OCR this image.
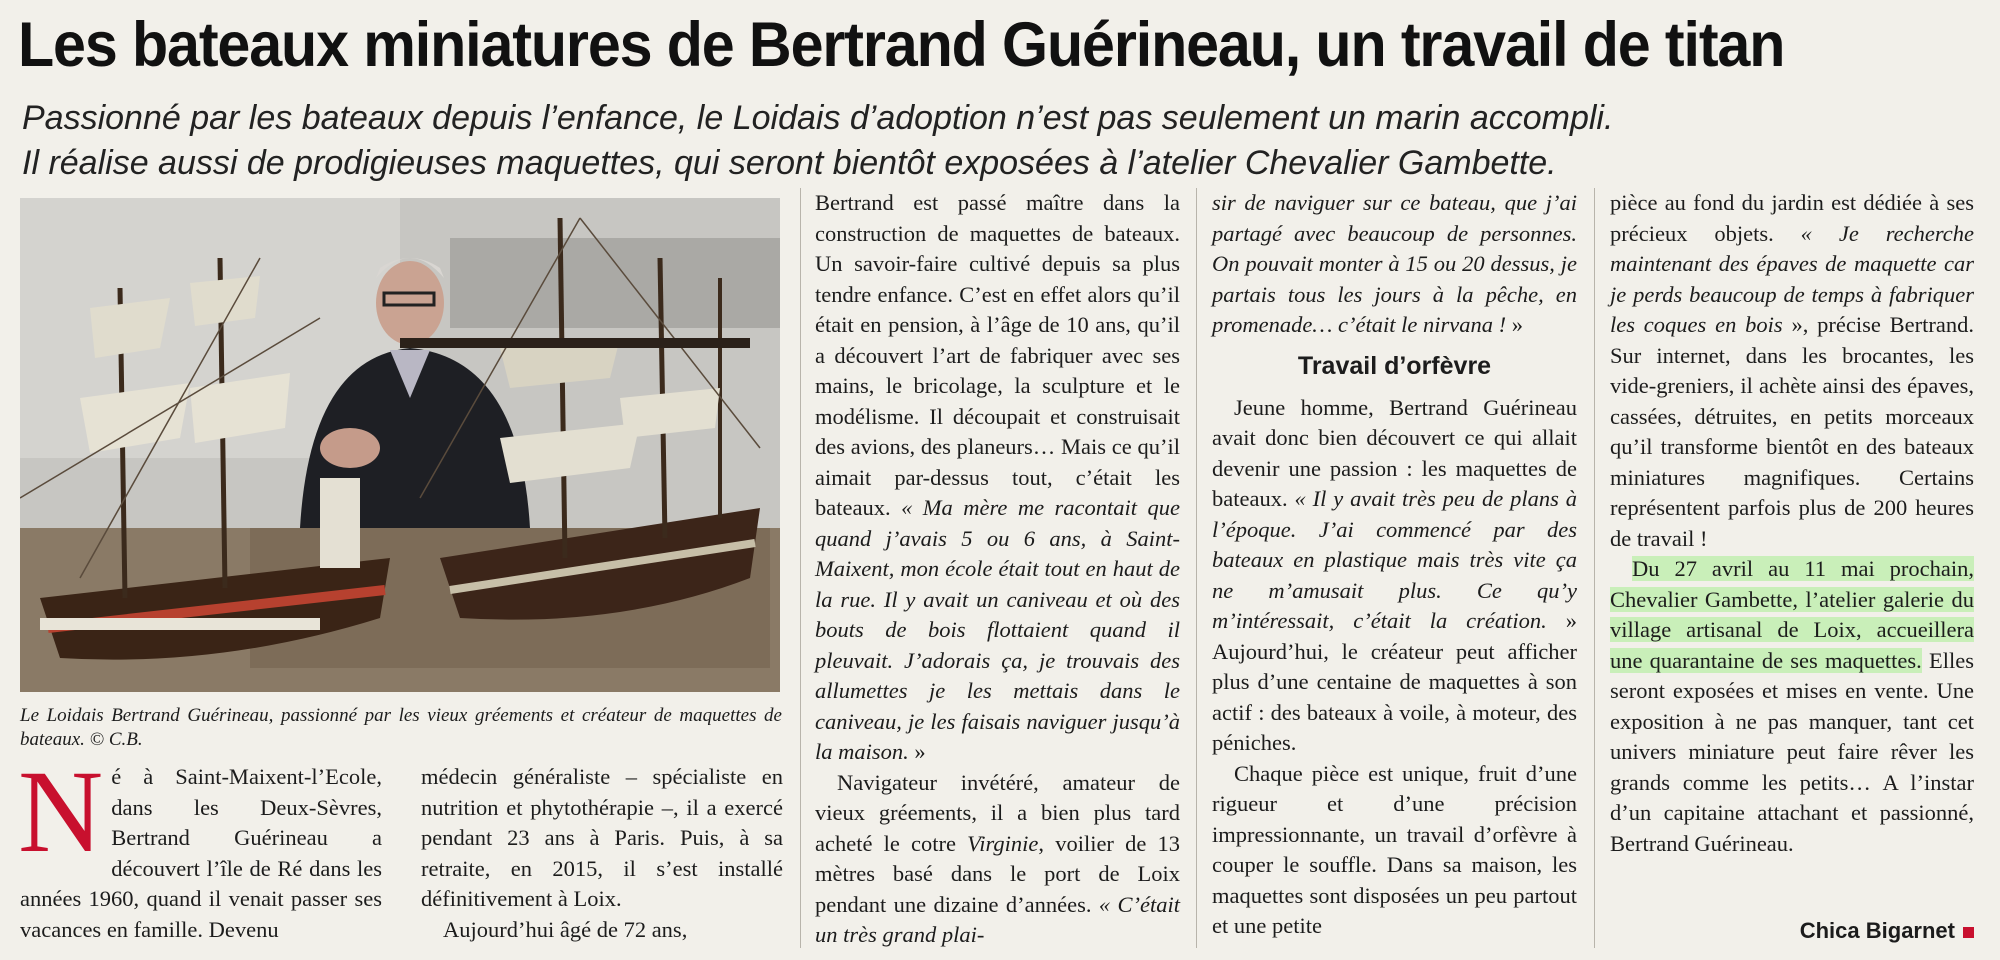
Les bateaux miniatures de Bertrand Guérineau, un travail de titan
Passionné par les bateaux depuis l’enfance, le Loidais d’adoption n’est pas seulement un marin accompli.
Il réalise aussi de prodigieuses maquettes, qui seront bientôt exposées à l’atelier Chevalier Gambette.
Le Loidais Bertrand Guérineau, passionné par les vieux gréements et créateur de maquettes de bateaux. © C.B.

Né à Saint-Maixent-l’Ecole, dans les Deux-Sèvres, Bertrand Guérineau a découvert l’île de Ré dans les années 1960, quand il venait passer ses vacances en famille. Devenu

médecin généraliste – spécialiste en nutrition et phytothérapie –, il a exercé pendant 23 ans à Paris. Puis, à sa retraite, en 2015, il s’est installé définitivement à Loix.

Aujourd’hui âgé de 72 ans,

Bertrand est passé maître dans la construction de maquettes de bateaux. Un savoir-faire cultivé depuis sa plus tendre enfance. C’est en effet alors qu’il était en pension, à l’âge de 10 ans, qu’il a découvert l’art de fabriquer avec ses mains, le bricolage, la sculpture et le modélisme. Il découpait et construisait des avions, des planeurs… Mais ce qu’il aimait par-dessus tout, c’était les bateaux. « Ma mère me racontait que quand j’avais 5 ou 6 ans, à Saint-Maixent, mon école était tout en haut de la rue. Il y avait un caniveau et où des bouts de bois flottaient quand il pleuvait. J’adorais ça, je trouvais des allumettes je les mettais dans le caniveau, je les faisais naviguer jusqu’à la maison. »

Navigateur invétéré, amateur de vieux gréements, il a bien plus tard acheté le cotre Virginie, voilier de 13 mètres basé dans le port de Loix pendant une dizaine d’années. « C’était un très grand plai-

sir de naviguer sur ce bateau, que j’ai partagé avec beaucoup de personnes. On pouvait monter à 15 ou 20 dessus, je partais tous les jours à la pêche, en promenade… c’était le nirvana ! »

Travail d’orfèvre

Jeune homme, Bertrand Guérineau avait donc bien découvert ce qui allait devenir une passion : les maquettes de bateaux. « Il y avait très peu de plans à l’époque. J’ai commencé par des bateaux en plastique mais très vite ça ne m’amusait plus. Ce qu’y m’intéressait, c’était la création. » Aujourd’hui, le créateur peut afficher plus d’une centaine de maquettes à son actif : des bateaux à voile, à moteur, des péniches.

Chaque pièce est unique, fruit d’une rigueur et d’une précision impressionnante, un travail d’orfèvre à couper le souffle. Dans sa maison, les maquettes sont disposées un peu partout et une petite

pièce au fond du jardin est dédiée à ses précieux objets. « Je recherche maintenant des épaves de maquette car je perds beaucoup de temps à fabriquer les coques en bois », précise Bertrand. Sur internet, dans les brocantes, les vide-greniers, il achète ainsi des épaves, cassées, détruites, en petits morceaux qu’il transforme bientôt en des bateaux miniatures magnifiques. Certains représentent parfois plus de 200 heures de travail !

Du 27 avril au 11 mai prochain, Chevalier Gambette, l’atelier galerie du village artisanal de Loix, accueillera une quarantaine de ses maquettes. Elles seront exposées et mises en vente. Une exposition à ne pas manquer, tant cet univers miniature peut faire rêver les grands comme les petits… A l’instar d’un capitaine attachant et passionné, Bertrand Guérineau.

Chica Bigarnet
